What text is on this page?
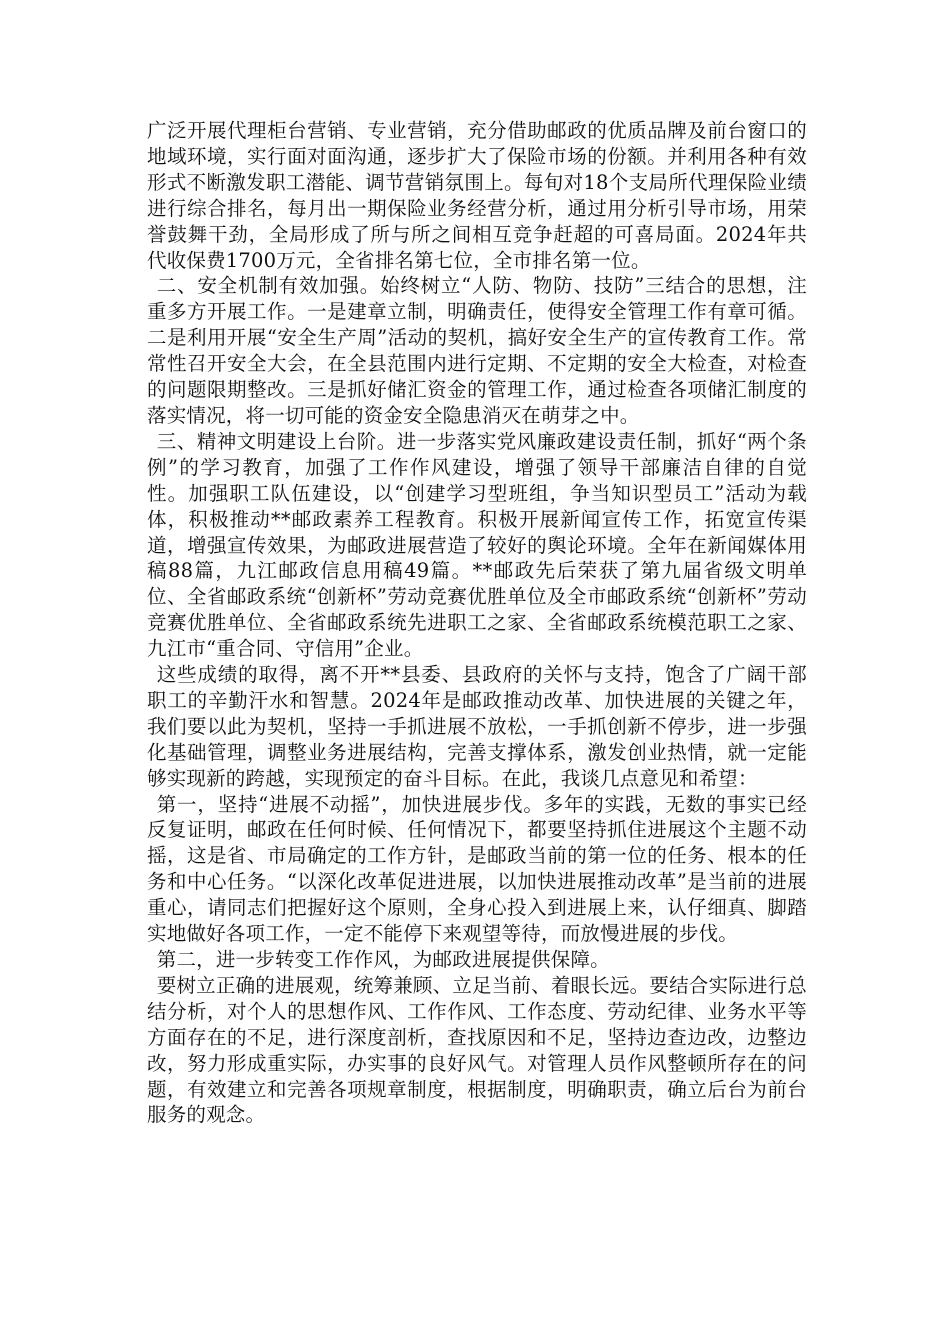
广泛开展代理柜台营销、专业营销，充分借助邮政的优质品牌及前台窗口的地域环境，实行面对面沟通，逐步扩大了保险市场的份额。并利用各种有效形式不断激发职工潜能、调节营销氛围上。每旬对18个支局所代理保险业绩进行综合排名，每月出一期保险业务经营分析，通过用分析引导市场，用荣誉鼓舞干劲，全局形成了所与所之间相互竞争赶超的可喜局面。2024年共代收保费1700万元，全省排名第七位，全市排名第一位。

二、安全机制有效加强。始终树立“人防、物防、技防”三结合的思想，注重多方开展工作。一是建章立制，明确责任，使得安全管理工作有章可循。二是利用开展“安全生产周”活动的契机，搞好安全生产的宣传教育工作。常常性召开安全大会，在全县范围内进行定期、不定期的安全大检查，对检查的问题限期整改。三是抓好储汇资金的管理工作，通过检查各项储汇制度的落实情况，将一切可能的资金安全隐患消灭在萌芽之中。

三、精神文明建设上台阶。进一步落实党风廉政建设责任制，抓好“两个条例”的学习教育，加强了工作作风建设，增强了领导干部廉洁自律的自觉性。加强职工队伍建设，以“创建学习型班组，争当知识型员工”活动为载体，积极推动**邮政素养工程教育。积极开展新闻宣传工作，拓宽宣传渠道，增强宣传效果，为邮政进展营造了较好的舆论环境。全年在新闻媒体用稿88篇，九江邮政信息用稿49篇。**邮政先后荣获了第九届省级文明单位、全省邮政系统“创新杯”劳动竞赛优胜单位及全市邮政系统“创新杯”劳动竞赛优胜单位、全省邮政系统先进职工之家、全省邮政系统模范职工之家、九江市“重合同、守信用”企业。

这些成绩的取得，离不开**县委、县政府的关怀与支持，饱含了广阔干部职工的辛勤汗水和智慧。2024年是邮政推动改革、加快进展的关键之年，我们要以此为契机，坚持一手抓进展不放松，一手抓创新不停步，进一步强化基础管理，调整业务进展结构，完善支撑体系，激发创业热情，就一定能够实现新的跨越，实现预定的奋斗目标。在此，我谈几点意见和希望：

第一，坚持“进展不动摇”，加快进展步伐。多年的实践，无数的事实已经反复证明，邮政在任何时候、任何情况下，都要坚持抓住进展这个主题不动摇，这是省、市局确定的工作方针，是邮政当前的第一位的任务、根本的任务和中心任务。“以深化改革促进进展，以加快进展推动改革”是当前的进展重心，请同志们把握好这个原则，全身心投入到进展上来，认仔细真、脚踏实地做好各项工作，一定不能停下来观望等待，而放慢进展的步伐。

第二，进一步转变工作作风，为邮政进展提供保障。

要树立正确的进展观，统筹兼顾、立足当前、着眼长远。要结合实际进行总结分析，对个人的思想作风、工作作风、工作态度、劳动纪律、业务水平等方面存在的不足，进行深度剖析，查找原因和不足，坚持边查边改，边整边改，努力形成重实际，办实事的良好风气。对管理人员作风整顿所存在的问题，有效建立和完善各项规章制度，根据制度，明确职责，确立后台为前台服务的观念。
